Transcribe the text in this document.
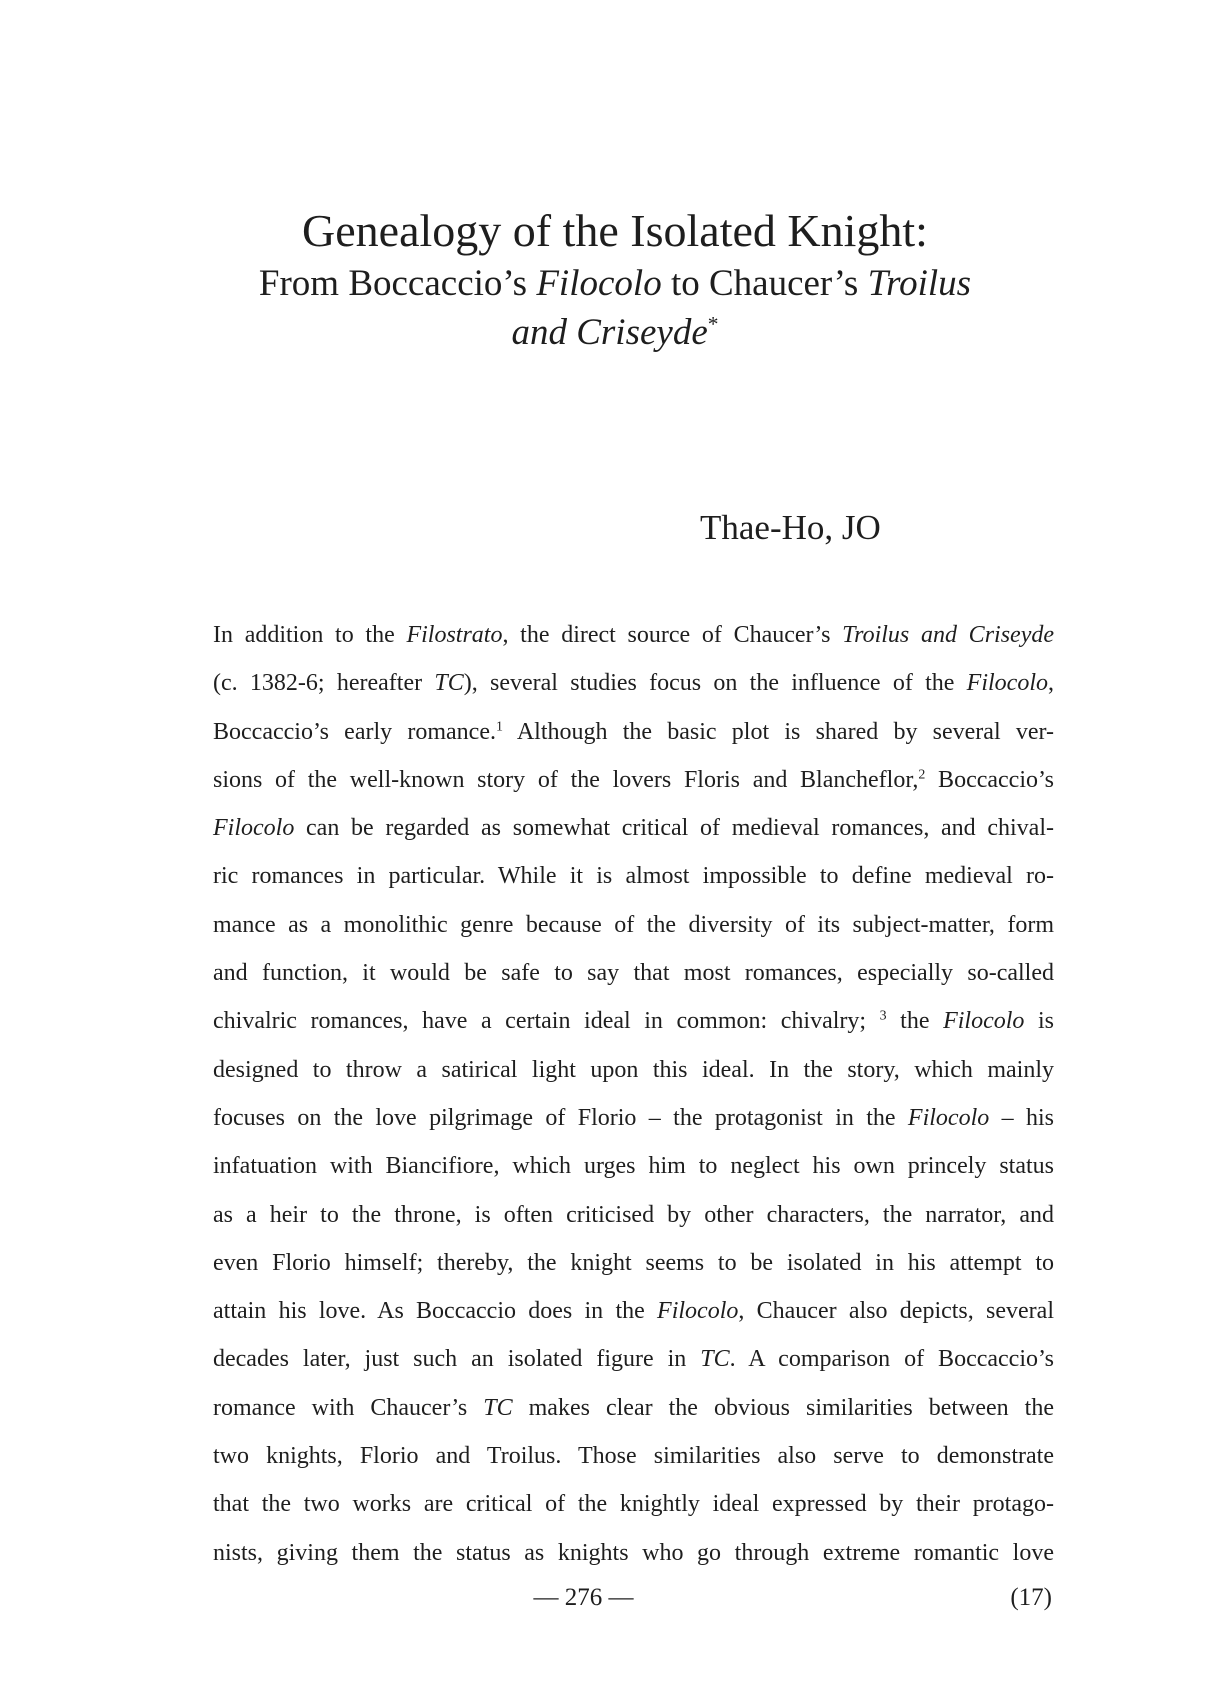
Genealogy of the Isolated Knight:
From Boccaccio’s Filocolo to Chaucer’s Troilus
and Criseyde*

Thae-Ho, JO

In addition to the Filostrato, the direct source of Chaucer’s Troilus and Criseyde
(c. 1382-6; hereafter TC), several studies focus on the influence of the Filocolo,
Boccaccio’s early romance.$^1$ Although the basic plot is shared by several ver-
sions of the well-known story of the lovers Floris and Blancheflor,$^2$ Boccaccio’s
Filocolo can be regarded as somewhat critical of medieval romances, and chival-
ric romances in particular. While it is almost impossible to define medieval ro-
mance as a monolithic genre because of the diversity of its subject-matter, form
and function, it would be safe to say that most romances, especially so-called
chivalric romances, have a certain ideal in common: chivalry; $^3$ the Filocolo is
designed to throw a satirical light upon this ideal. In the story, which mainly
focuses on the love pilgrimage of Florio – the protagonist in the Filocolo – his
infatuation with Biancifiore, which urges him to neglect his own princely status
as a heir to the throne, is often criticised by other characters, the narrator, and
even Florio himself; thereby, the knight seems to be isolated in his attempt to
attain his love. As Boccaccio does in the Filocolo, Chaucer also depicts, several
decades later, just such an isolated figure in TC. A comparison of Boccaccio’s
romance with Chaucer’s TC makes clear the obvious similarities between the
two knights, Florio and Troilus. Those similarities also serve to demonstrate
that the two works are critical of the knightly ideal expressed by their protago-
nists, giving them the status as knights who go through extreme romantic love
— 276 —	(17)
